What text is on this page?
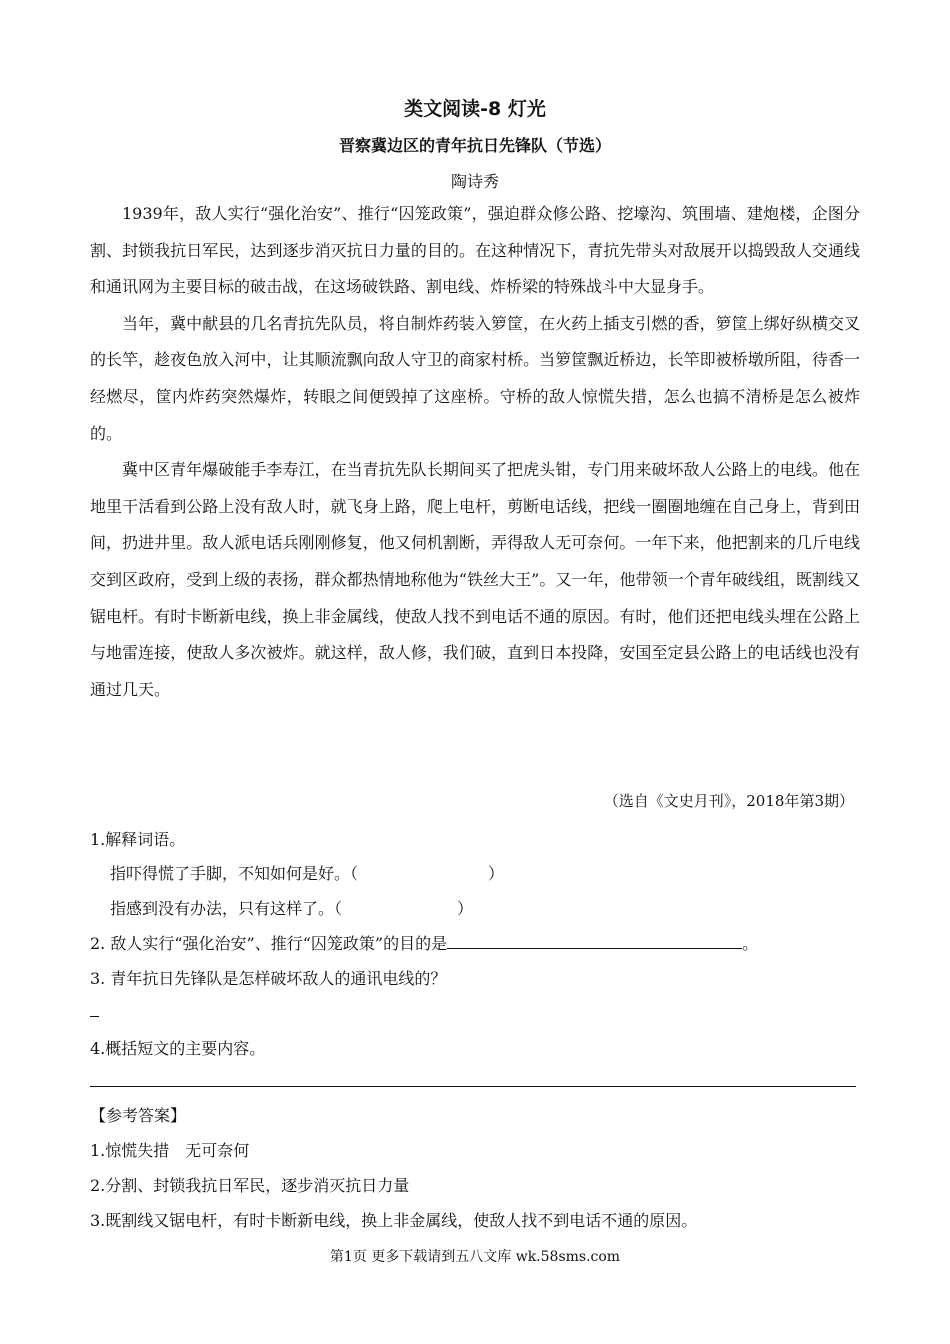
类文阅读-8 灯光
晋察冀边区的青年抗日先锋队（节选）
陶诗秀

1939年，敌人实行“强化治安”、推行“囚笼政策”，强迫群众修公路、挖壕沟、筑围墙、建炮楼，企图分割、封锁我抗日军民，达到逐步消灭抗日力量的目的。在这种情况下，青抗先带头对敌展开以捣毁敌人交通线和通讯网为主要目标的破击战，在这场破铁路、割电线、炸桥梁的特殊战斗中大显身手。

当年，冀中献县的几名青抗先队员，将自制炸药装入箩筐，在火药上插支引燃的香，箩筐上绑好纵横交叉的长竿，趁夜色放入河中，让其顺流飘向敌人守卫的商家村桥。当箩筐飘近桥边，长竿即被桥墩所阻，待香一经燃尽，筐内炸药突然爆炸，转眼之间便毁掉了这座桥。守桥的敌人惊慌失措，怎么也搞不清桥是怎么被炸的。

冀中区青年爆破能手李寿江，在当青抗先队长期间买了把虎头钳，专门用来破坏敌人公路上的电线。他在地里干活看到公路上没有敌人时，就飞身上路，爬上电杆，剪断电话线，把线一圈圈地缠在自己身上，背到田间，扔进井里。敌人派电话兵刚刚修复，他又伺机割断，弄得敌人无可奈何。一年下来，他把割来的几斤电线交到区政府，受到上级的表扬，群众都热情地称他为“铁丝大王”。又一年，他带领一个青年破线组，既割线又锯电杆。有时卡断新电线，换上非金属线，使敌人找不到电话不通的原因。有时，他们还把电线头埋在公路上与地雷连接，使敌人多次被炸。就这样，敌人修，我们破，直到日本投降，安国至定县公路上的电话线也没有通过几天。

（选自《文史月刊》，2018年第3期）
1.解释词语。
指吓得慌了手脚，不知如何是好。（	）
指感到没有办法，只有这样了。（	）
2. 敌人实行“强化治安”、推行“囚笼政策”的目的是	。
3. 青年抗日先锋队是怎样破坏敌人的通讯电线的？
4.概括短文的主要内容。
【参考答案】
1.惊慌失措　无可奈何
2.分割、封锁我抗日军民，逐步消灭抗日力量
3.既割线又锯电杆，有时卡断新电线，换上非金属线，使敌人找不到电话不通的原因。
第1页 更多下载请到五八文库 wk.58sms.com
